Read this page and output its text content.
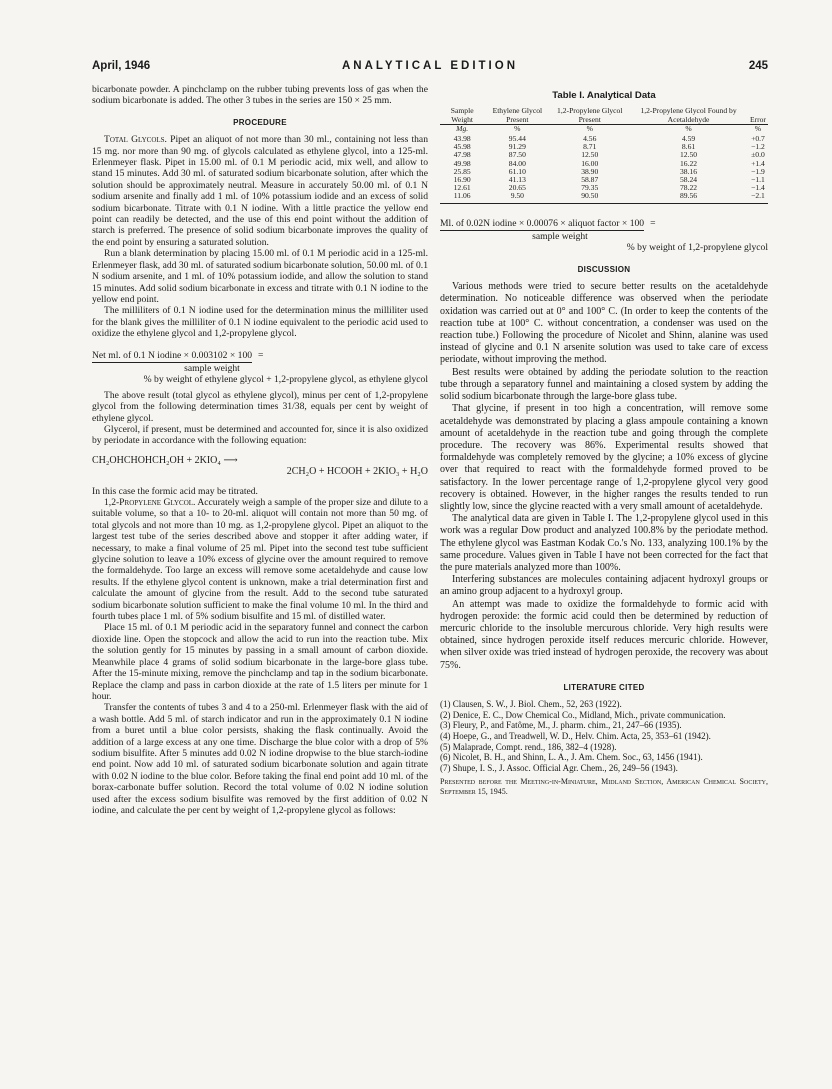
April, 1946	ANALYTICAL EDITION	245

bicarbonate powder. A pinchclamp on the rubber tubing prevents loss of gas when the sodium bicarbonate is added. The other 3 tubes in the series are 150 × 25 mm.

PROCEDURE

Total Glycols. Pipet an aliquot of not more than 30 ml., containing not less than 15 mg. nor more than 90 mg. of glycols calculated as ethylene glycol, into a 125-ml. Erlenmeyer flask. Pipet in 15.00 ml. of 0.1 M periodic acid, mix well, and allow to stand 15 minutes. Add 30 ml. of saturated sodium bicarbonate solution, after which the solution should be approximately neutral. Measure in accurately 50.00 ml. of 0.1 N sodium arsenite and finally add 1 ml. of 10% potassium iodide and an excess of solid sodium bicarbonate. Titrate with 0.1 N iodine. With a little practice the yellow end point can readily be detected, and the use of this end point without the addition of starch is preferred. The presence of solid sodium bicarbonate improves the quality of the end point by ensuring a saturated solution.

Run a blank determination by placing 15.00 ml. of 0.1 M periodic acid in a 125-ml. Erlenmeyer flask, add 30 ml. of saturated sodium bicarbonate solution, 50.00 ml. of 0.1 N sodium arsenite, and 1 ml. of 10% potassium iodide, and allow the solution to stand 15 minutes. Add solid sodium bicarbonate in excess and titrate with 0.1 N iodine to the yellow end point.

The milliliters of 0.1 N iodine used for the determination minus the milliliter used for the blank gives the milliliter of 0.1 N iodine equivalent to the periodic acid used to oxidize the ethylene glycol and 1,2-propylene glycol.

Net ml. of 0.1 N iodine × 0.003102 × 100 =
sample weight
% by weight of ethylene glycol + 1,2-propylene glycol, as ethylene glycol

The above result (total glycol as ethylene glycol), minus per cent of 1,2-propylene glycol from the following determination times 31/38, equals per cent by weight of ethylene glycol.

Glycerol, if present, must be determined and accounted for, since it is also oxidized by periodate in accordance with the following equation:

CH₂OHCHOHCH₂OH + 2KIO₄ ⟶
2CH₂O + HCOOH + 2KIO₃ + H₂O

In this case the formic acid may be titrated.

1,2-Propylene Glycol. Accurately weigh a sample of the proper size and dilute to a suitable volume, so that a 10- to 20-ml. aliquot will contain not more than 50 mg. of total glycols and not more than 10 mg. as 1,2-propylene glycol. Pipet an aliquot to the largest test tube of the series described above and stopper it after adding water, if necessary, to make a final volume of 25 ml. Pipet into the second test tube sufficient glycine solution to leave a 10% excess of glycine over the amount required to remove the formaldehyde. Too large an excess will remove some acetaldehyde and cause low results. If the ethylene glycol content is unknown, make a trial determination first and calculate the amount of glycine from the result. Add to the second tube saturated sodium bicarbonate solution sufficient to make the final volume 10 ml. In the third and fourth tubes place 1 ml. of 5% sodium bisulfite and 15 ml. of distilled water.

Place 15 ml. of 0.1 M periodic acid in the separatory funnel and connect the carbon dioxide line. Open the stopcock and allow the acid to run into the reaction tube. Mix the solution gently for 15 minutes by passing in a small amount of carbon dioxide. Meanwhile place 4 grams of solid sodium bicarbonate in the large-bore glass tube. After the 15-minute mixing, remove the pinchclamp and tap in the sodium bicarbonate. Replace the clamp and pass in carbon dioxide at the rate of 1.5 liters per minute for 1 hour.

Transfer the contents of tubes 3 and 4 to a 250-ml. Erlenmeyer flask with the aid of a wash bottle. Add 5 ml. of starch indicator and run in the approximately 0.1 N iodine from a buret until a blue color persists, shaking the flask continually. Avoid the addition of a large excess at any one time. Discharge the blue color with a drop of 5% sodium bisulfite. After 5 minutes add 0.02 N iodine dropwise to the blue starch-iodine end point. Now add 10 ml. of saturated sodium bicarbonate solution and again titrate with 0.02 N iodine to the blue color. Before taking the final end point add 10 ml. of the borax-carbonate buffer solution. Record the total volume of 0.02 N iodine solution used after the excess sodium bisulfite was removed by the first addition of 0.02 N iodine, and calculate the per cent by weight of 1,2-propylene glycol as follows:

Table I. Analytical Data
Sample Weight	Ethylene Glycol Present	1,2-Propylene Glycol Present	1,2-Propylene Glycol Found by Acetaldehyde	Error
Mg.	%	%	%	%
43.98	95.44	4.56	4.59	+0.7
45.98	91.29	8.71	8.61	−1.2
47.98	87.50	12.50	12.50	±0.0
49.98	84.00	16.00	16.22	+1.4
25.85	61.10	38.90	38.16	−1.9
16.90	41.13	58.87	58.24	−1.1
12.61	20.65	79.35	78.22	−1.4
11.06	9.50	90.50	89.56	−2.1
Ml. of 0.02N iodine × 0.00076 × aliquot factor × 100 =
sample weight
% by weight of 1,2-propylene glycol
DISCUSSION

Various methods were tried to secure better results on the acetaldehyde determination. No noticeable difference was observed when the periodate oxidation was carried out at 0° and 100° C. (In order to keep the contents of the reaction tube at 100° C. without concentration, a condenser was used on the reaction tube.) Following the procedure of Nicolet and Shinn, alanine was used instead of glycine and 0.1 N arsenite solution was used to take care of excess periodate, without improving the method.

Best results were obtained by adding the periodate solution to the reaction tube through a separatory funnel and maintaining a closed system by adding the solid sodium bicarbonate through the large-bore glass tube.

That glycine, if present in too high a concentration, will remove some acetaldehyde was demonstrated by placing a glass ampoule containing a known amount of acetaldehyde in the reaction tube and going through the complete procedure. The recovery was 86%. Experimental results showed that formaldehyde was completely removed by the glycine; a 10% excess of glycine over that required to react with the formaldehyde formed proved to be satisfactory. In the lower percentage range of 1,2-propylene glycol very good recovery is obtained. However, in the higher ranges the results tended to run slightly low, since the glycine reacted with a very small amount of acetaldehyde.

The analytical data are given in Table I. The 1,2-propylene glycol used in this work was a regular Dow product and analyzed 100.8% by the periodate method. The ethylene glycol was Eastman Kodak Co.'s No. 133, analyzing 100.1% by the same procedure. Values given in Table I have not been corrected for the fact that the pure materials analyzed more than 100%.

Interfering substances are molecules containing adjacent hydroxyl groups or an amino group adjacent to a hydroxyl group.

An attempt was made to oxidize the formaldehyde to formic acid with hydrogen peroxide: the formic acid could then be determined by reduction of mercuric chloride to the insoluble mercurous chloride. Very high results were obtained, since hydrogen peroxide itself reduces mercuric chloride. However, when silver oxide was tried instead of hydrogen peroxide, the recovery was about 75%.

LITERATURE CITED
(1) Clausen, S. W., J. Biol. Chem., 52, 263 (1922).
(2) Denice, E. C., Dow Chemical Co., Midland, Mich., private communication.
(3) Fleury, P., and Fatôme, M., J. pharm. chim., 21, 247–66 (1935).
(4) Hoepe, G., and Treadwell, W. D., Helv. Chim. Acta, 25, 353–61 (1942).
(5) Malaprade, Compt. rend., 186, 382–4 (1928).
(6) Nicolet, B. H., and Shinn, L. A., J. Am. Chem. Soc., 63, 1456 (1941).
(7) Shupe, I. S., J. Assoc. Official Agr. Chem., 26, 249–56 (1943).

Presented before the Meeting-in-Miniature, Midland Section, American Chemical Society, September 15, 1945.
